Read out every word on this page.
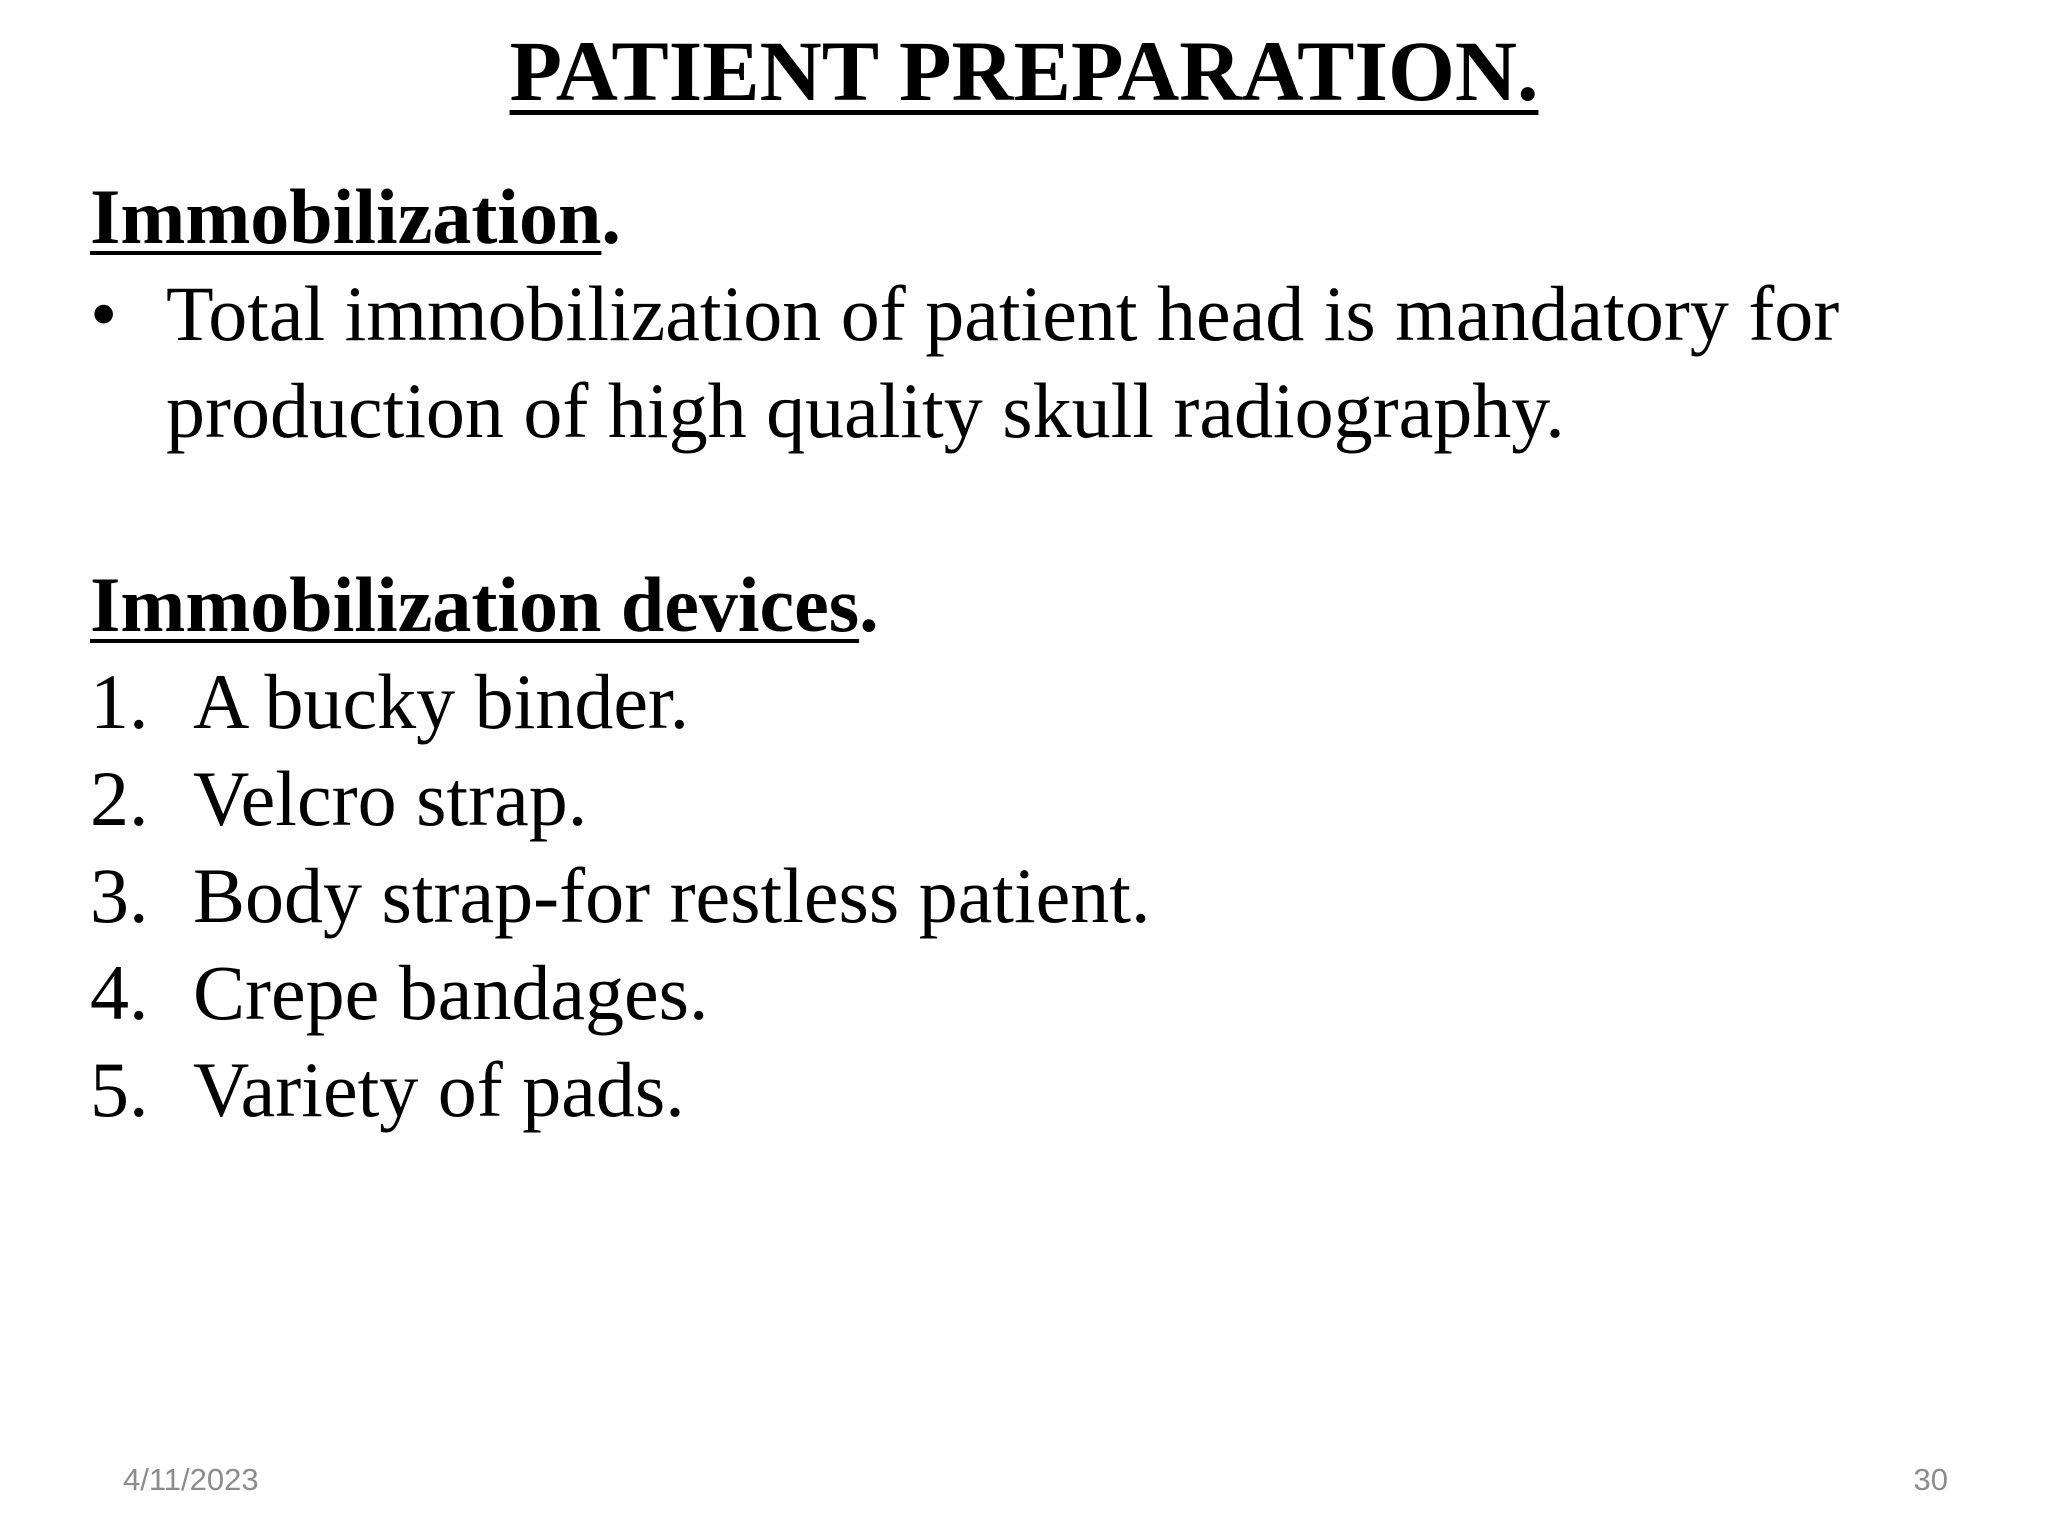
PATIENT PREPARATION.

Immobilization.

• Total immobilization of patient head is mandatory for
production of high quality skull radiography.

Immobilization devices.

1. A bucky binder.
2. Velcro strap.
3. Body strap-for restless patient.
4. Crepe bandages.
5. Variety of pads.
4/11/2023	30
